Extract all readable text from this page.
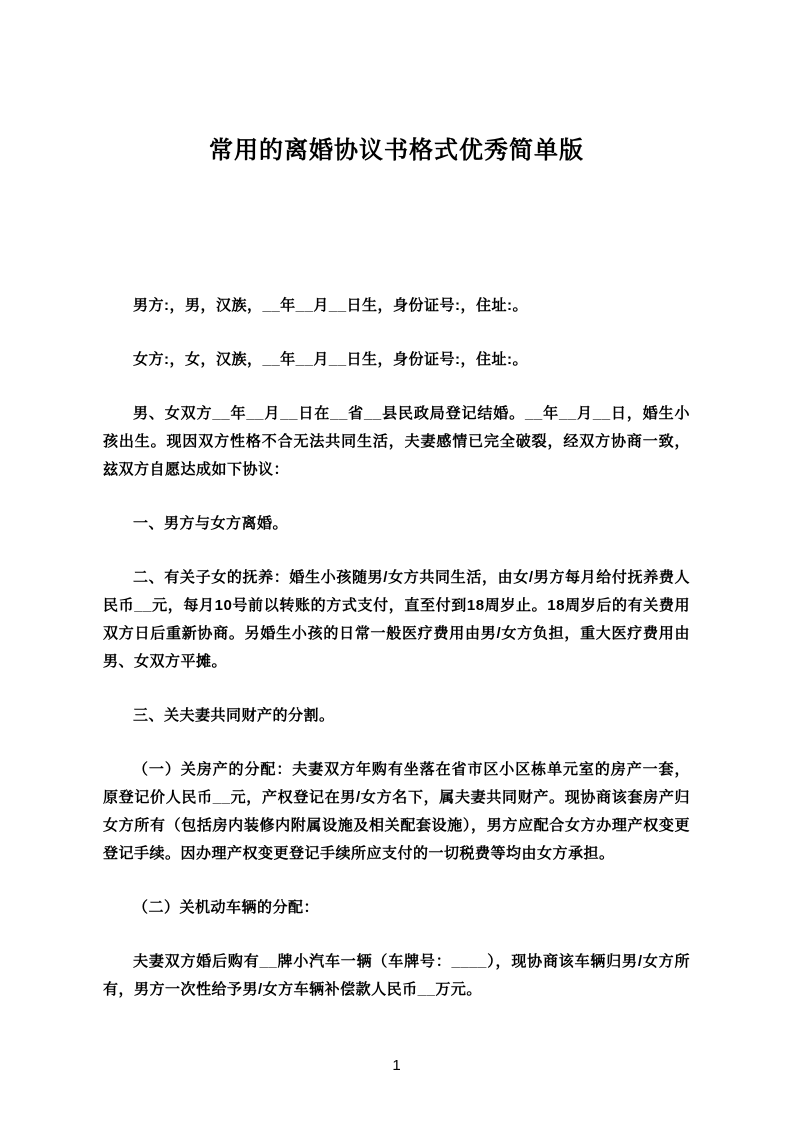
常用的离婚协议书格式优秀简单版

男方:，男，汉族，__年__月__日生，身份证号:，住址:。

女方:，女，汉族，__年__月__日生，身份证号:，住址:。

男、女双方__年__月__日在__省__县民政局登记结婚。__年__月__日，婚生小孩出生。现因双方性格不合无法共同生活，夫妻感情已完全破裂，经双方协商一致，玆双方自愿达成如下协议：

一、男方与女方离婚。

二、有关子女的抚养：婚生小孩随男/女方共同生活，由女/男方每月给付抚养费人民币__元，每月10号前以转账的方式支付，直至付到18周岁止。18周岁后的有关费用双方日后重新协商。另婚生小孩的日常一般医疗费用由男/女方负担，重大医疗费用由男、女双方平摊。

三、关夫妻共同财产的分割。

（一）关房产的分配：夫妻双方年购有坐落在省市区小区栋单元室的房产一套，原登记价人民币__元，产权登记在男/女方名下，属夫妻共同财产。现协商该套房产归女方所有（包括房内装修内附属设施及相关配套设施），男方应配合女方办理产权变更登记手续。因办理产权变更登记手续所应支付的一切税费等均由女方承担。

（二）关机动车辆的分配：

夫妻双方婚后购有__牌小汽车一辆（车牌号：____），现协商该车辆归男/女方所有，男方一次性给予男/女方车辆补偿款人民币__万元。

1
